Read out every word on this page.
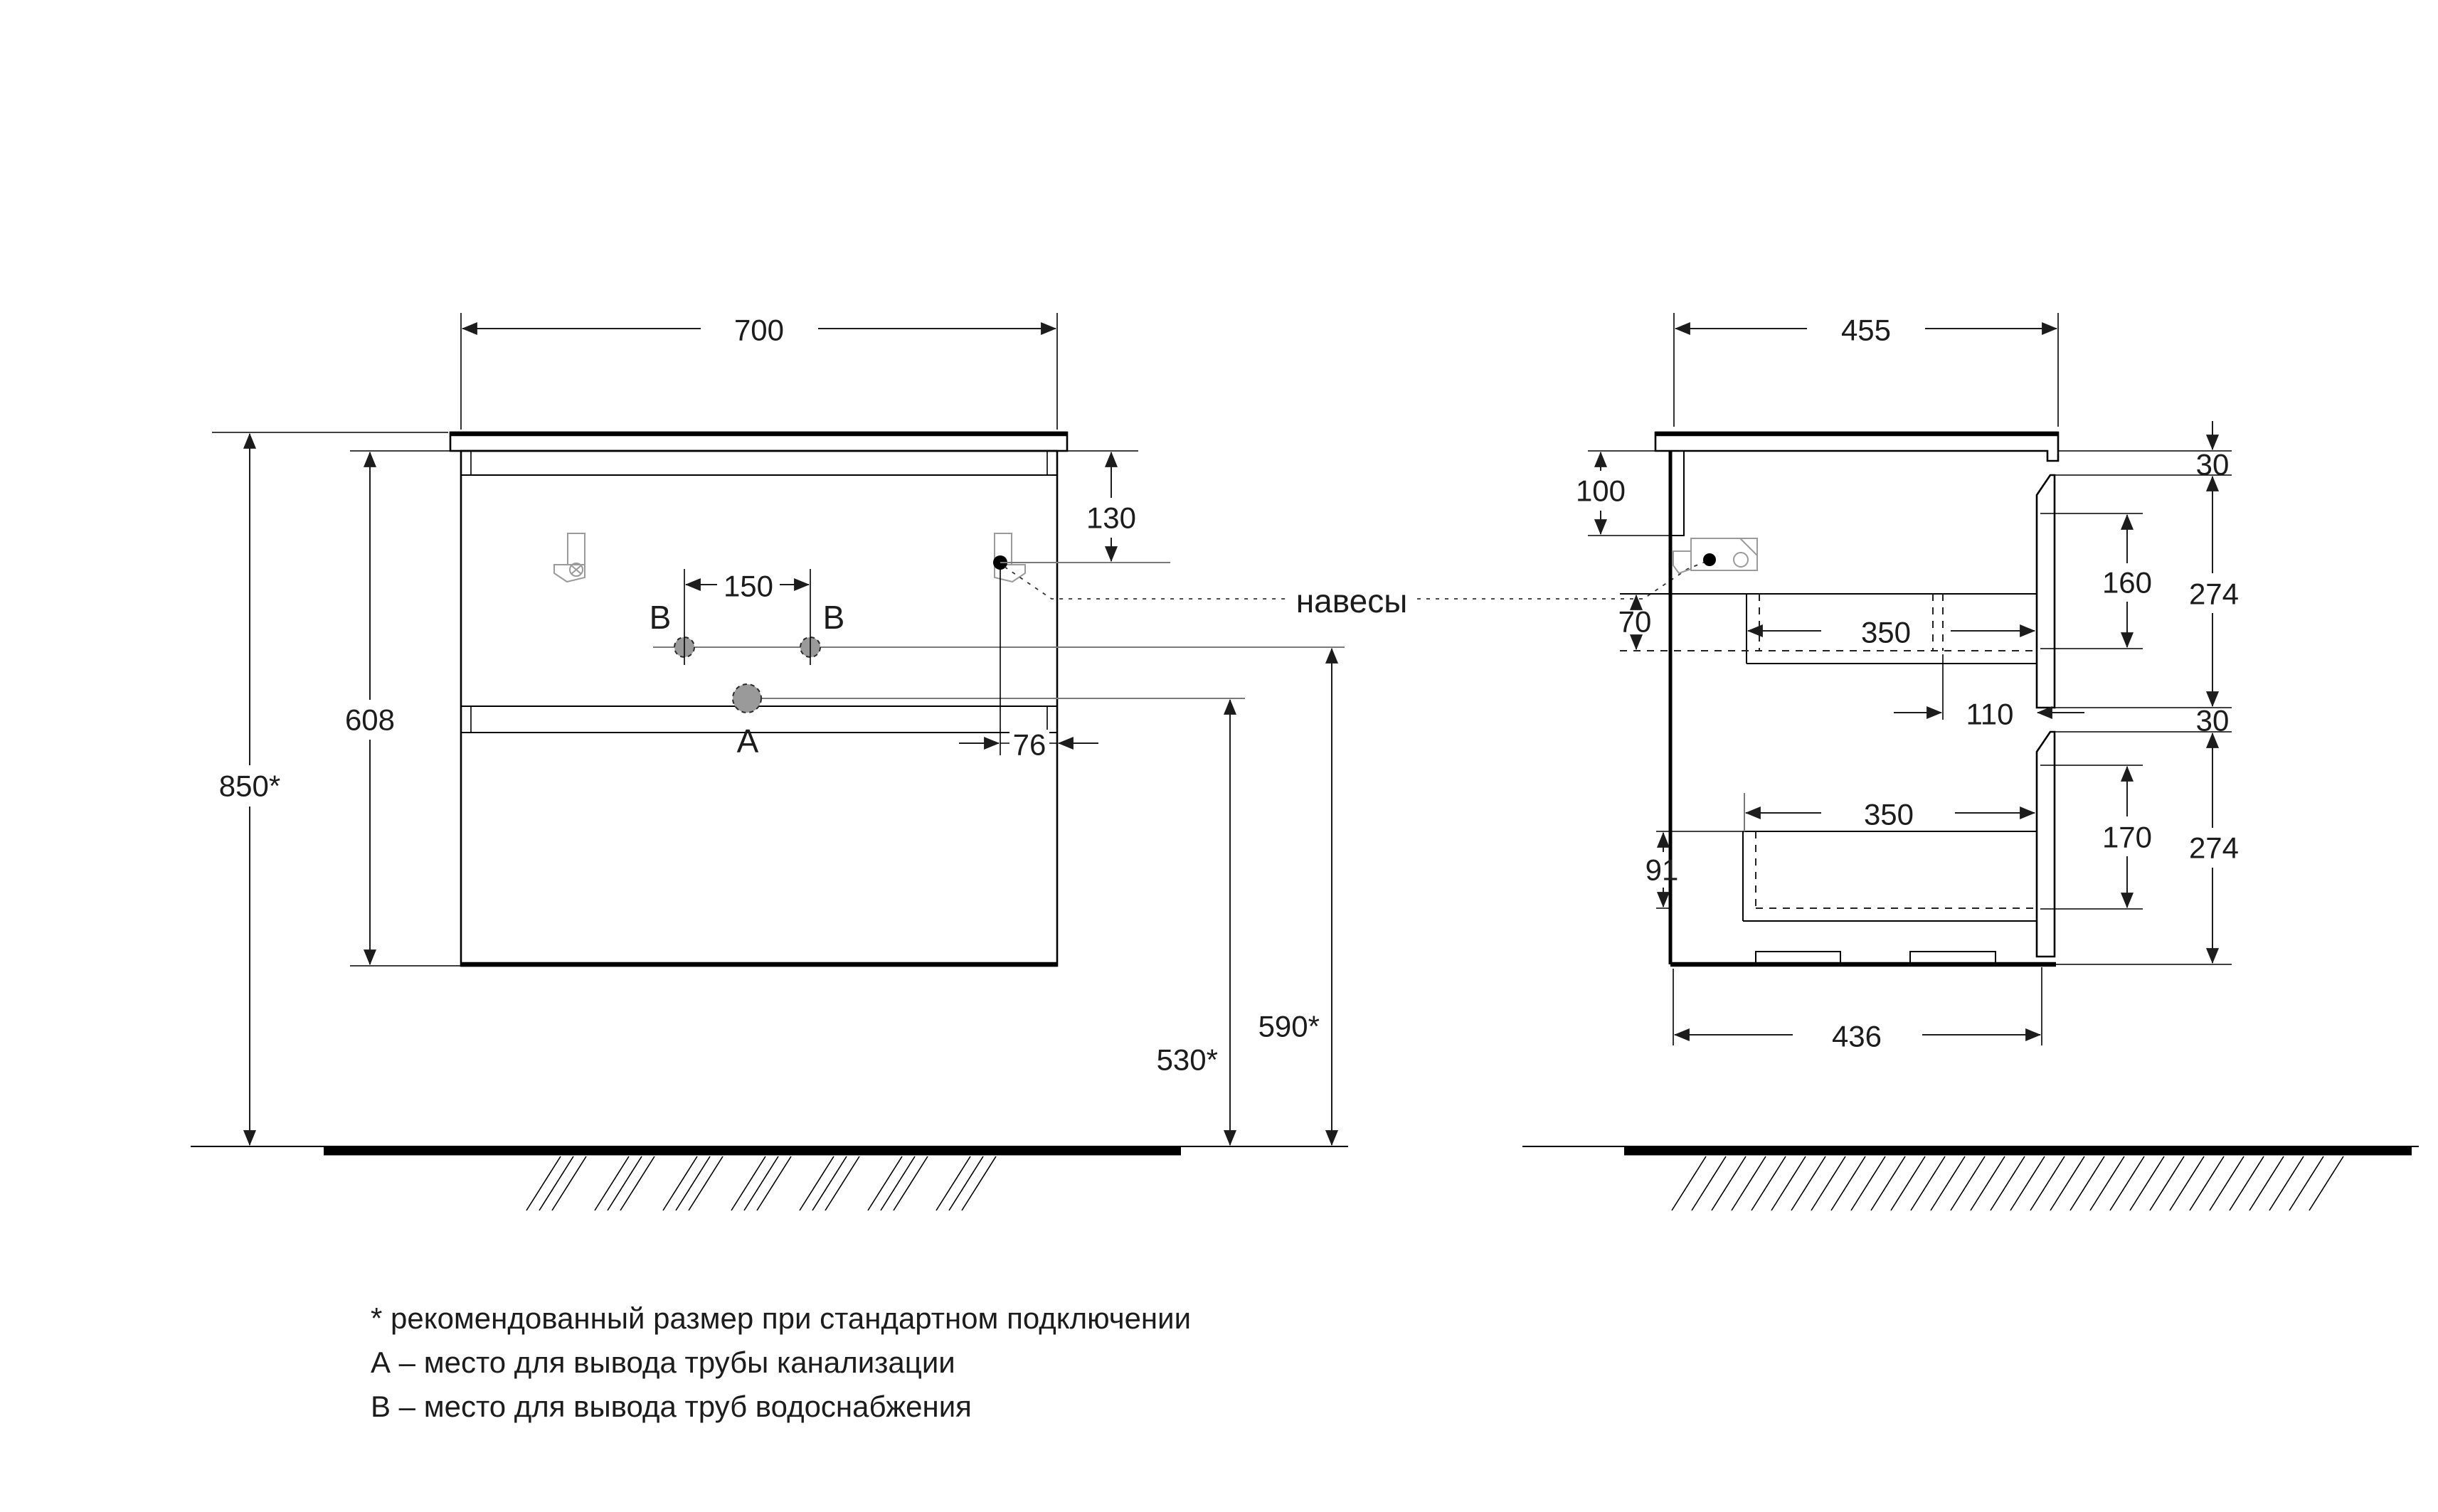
B	B
A
700
850*
608
130
76
150
530*
590*
навесы
455
100
70	350
110
350
91
160
170
30
274
30
274
436
* рекомендованный размер при стандартном подключении
А – место для вывода трубы канализации
В – место для вывода труб водоснабжения
